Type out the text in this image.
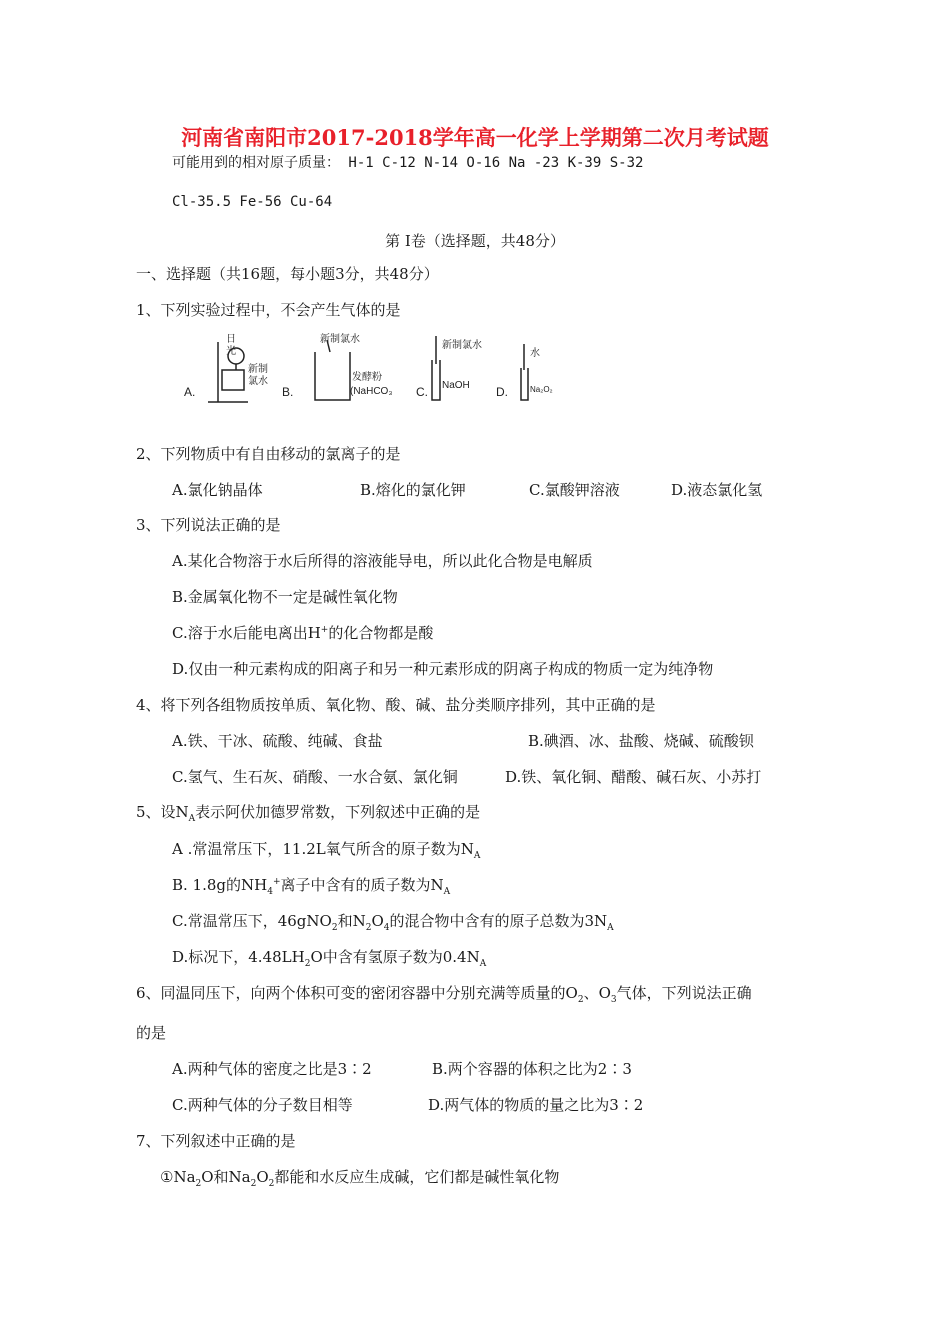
河南省南阳市2017-2018学年高一化学上学期第二次月考试题
可能用到的相对原子质量： H-1 C-12 N-14 O-16 Na -23 K-39 S-32
Cl-35.5 Fe-56 Cu-64
第 I卷（选择题，共48分）
一、选择题（共16题，每小题3分，共48分）
1、下列实验过程中，不会产生气体的是
A.
日
光
新制
氯水
B.
新制氯水
发酵粉
(NaHCO₃ C.
新制氯水
NaOH D.
水
Na₂O₂
2、下列物质中有自由移动的氯离子的是
A.氯化钠晶体	B.熔化的氯化钾	C.氯酸钾溶液	D.液态氯化氢
3、下列说法正确的是
A.某化合物溶于水后所得的溶液能导电，所以此化合物是电解质
B.金属氧化物不一定是碱性氧化物
C.溶于水后能电离出H+的化合物都是酸
D.仅由一种元素构成的阳离子和另一种元素形成的阴离子构成的物质一定为纯净物
4、将下列各组物质按单质、氧化物、酸、碱、盐分类顺序排列，其中正确的是
A.铁、干冰、硫酸、纯碱、食盐	B.碘酒、冰、盐酸、烧碱、硫酸钡
C.氢气、生石灰、硝酸、一水合氨、氯化铜	D.铁、氧化铜、醋酸、碱石灰、小苏打
5、设$N_A$表示阿伏加德罗常数，下列叙述中正确的是
A .常温常压下，11.2L氧气所含的原子数为$N_A$
B. 1.8g的$NH_4^+$离子中含有的质子数为$N_A$
C.常温常压下，46gNO$_2$和$N_2O_4$的混合物中含有的原子总数为$3N_A$
D.标况下，$4.48LH_2O$中含有氢原子数为$0.4N_A$
6、同温同压下，向两个体积可变的密闭容器中分别充满等质量的$O_2$、$O_3$气体，下列说法正确
的是
A.两种气体的密度之比是3∶2	B.两个容器的体积之比为2∶3
C.两种气体的分子数目相等	D.两气体的物质的量之比为3∶2
7、下列叙述中正确的是
$①Na_2O$和$Na_2O_2$都能和水反应生成碱，它们都是碱性氧化物
